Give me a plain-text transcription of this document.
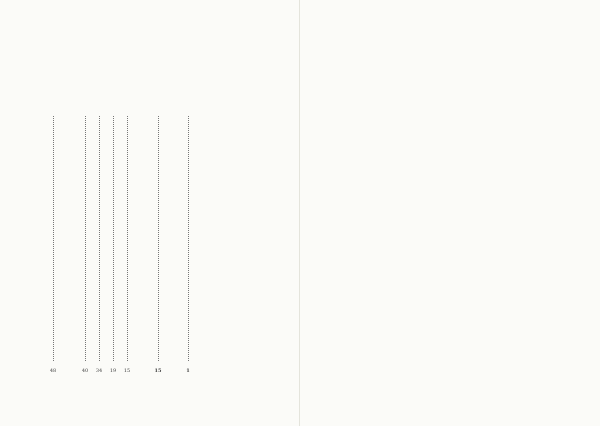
1
15
15
19
34
40
48
